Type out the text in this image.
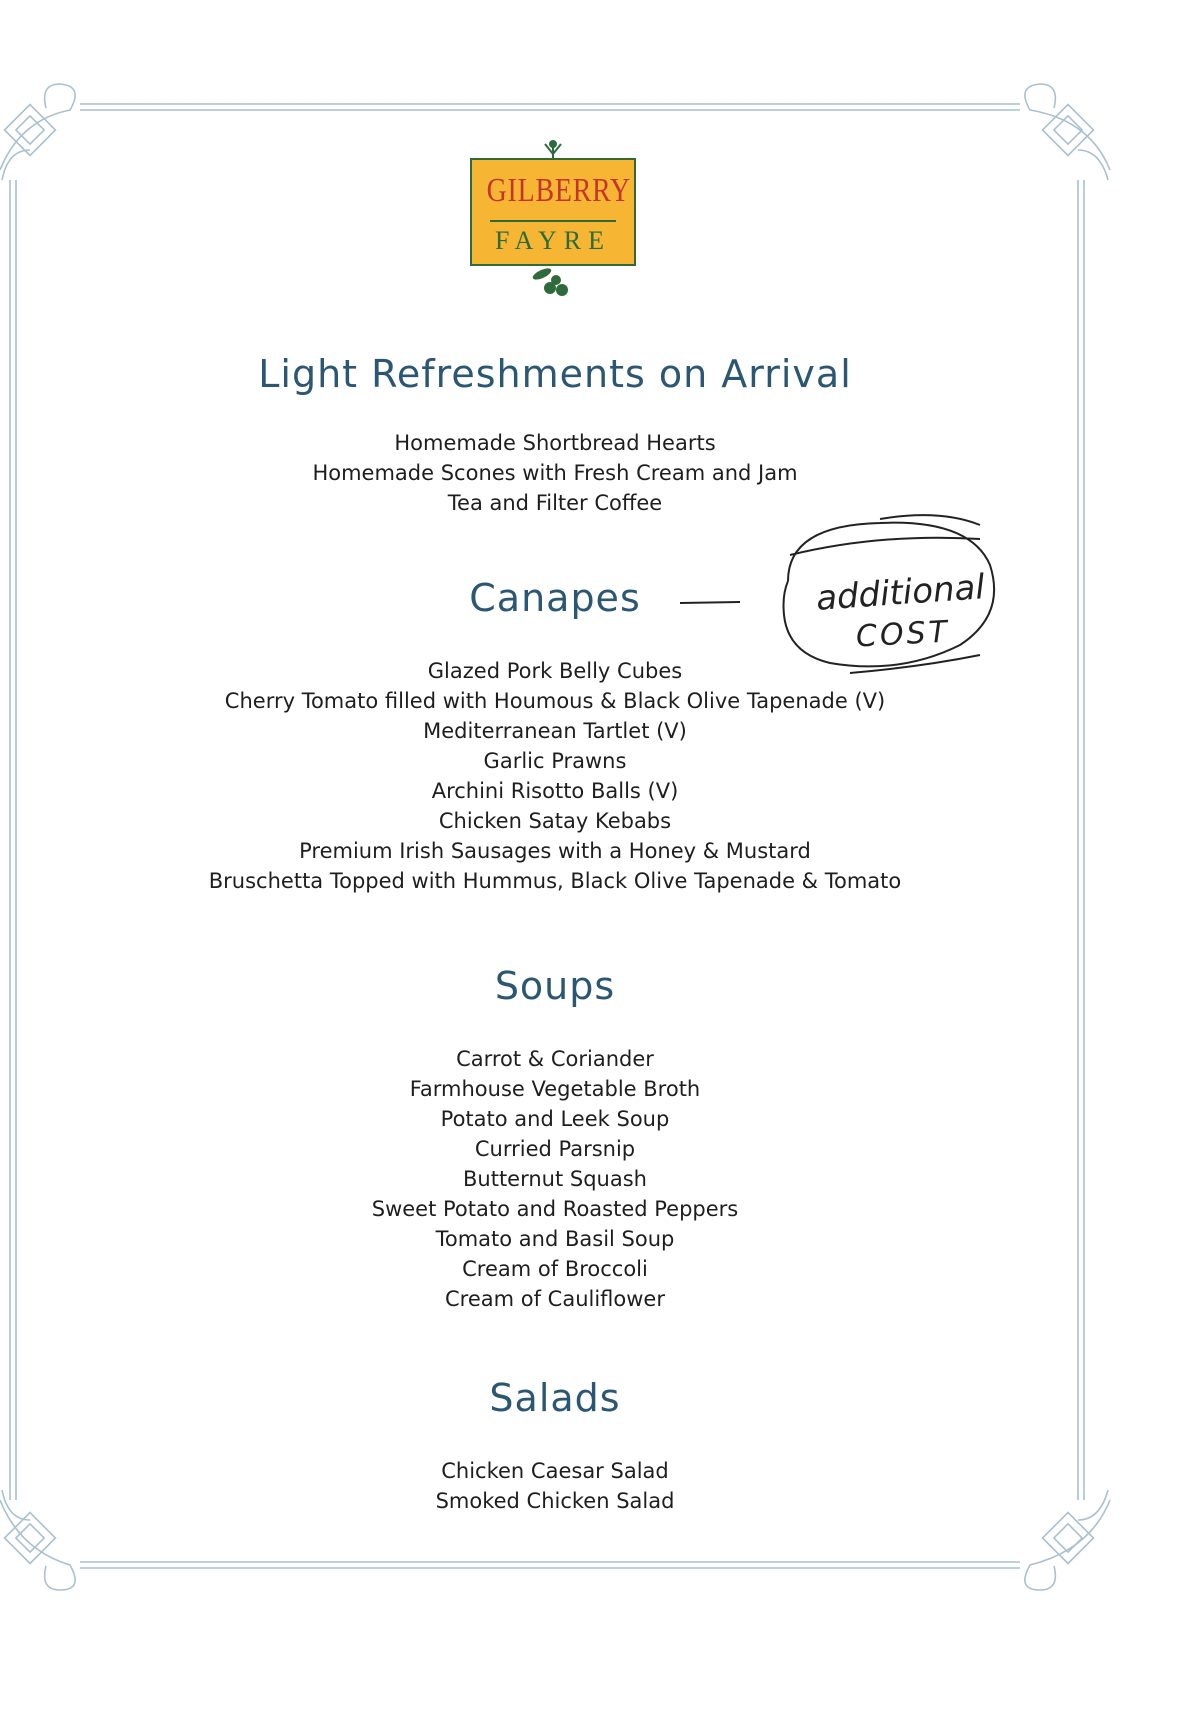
GILBERRY
FAYRE
Light Refreshments on Arrival
Homemade Shortbread Hearts
Homemade Scones with Fresh Cream and Jam
Tea and Filter Coffee
Canapes
Glazed Pork Belly Cubes
Cherry Tomato filled with Houmous & Black Olive Tapenade (V)
Mediterranean Tartlet (V)
Garlic Prawns
Archini Risotto Balls (V)
Chicken Satay Kebabs
Premium Irish Sausages with a Honey & Mustard
Bruschetta Topped with Hummus, Black Olive Tapenade & Tomato
additional
COST
Soups
Carrot & Coriander
Farmhouse Vegetable Broth
Potato and Leek Soup
Curried Parsnip
Butternut Squash
Sweet Potato and Roasted Peppers
Tomato and Basil Soup
Cream of Broccoli
Cream of Cauliflower
Salads
Chicken Caesar Salad
Smoked Chicken Salad
